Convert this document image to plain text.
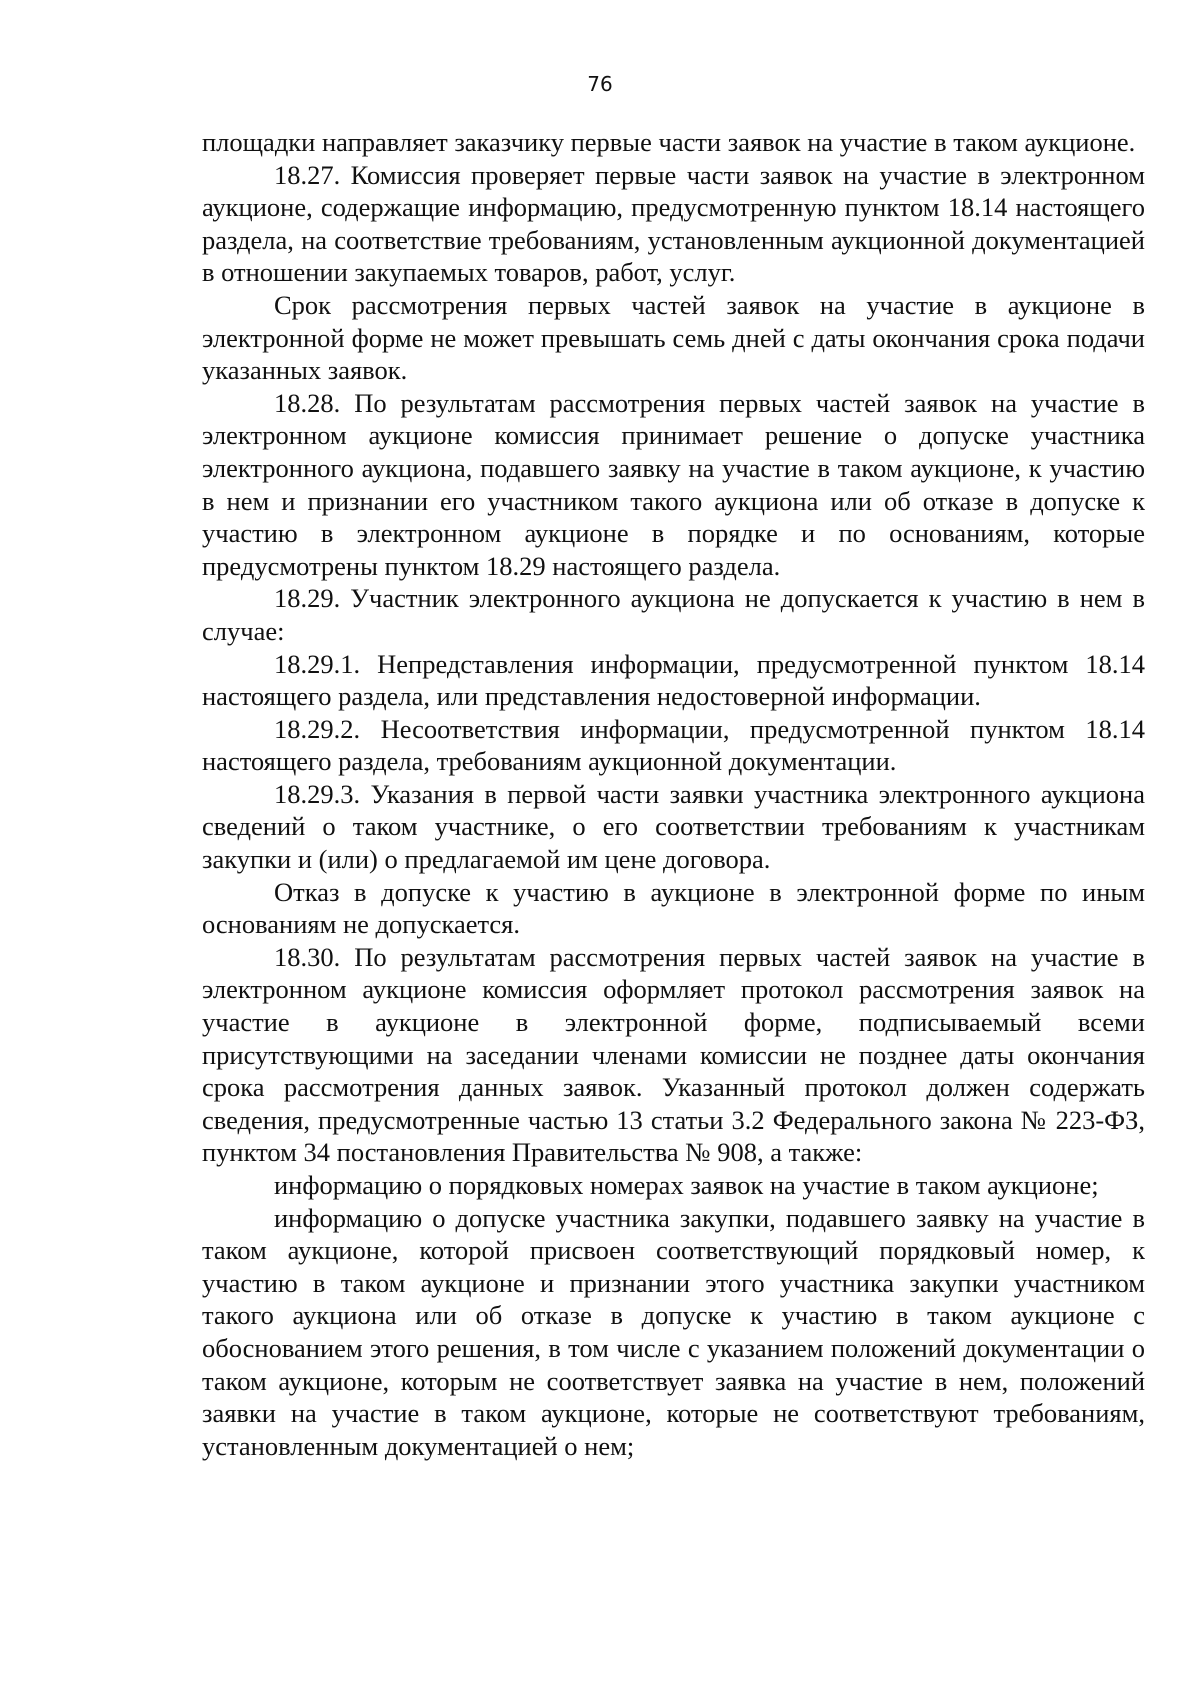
76

площадки направляет заказчику первые части заявок на участие в таком аукционе.

18.27. Комиссия проверяет первые части заявок на участие в электронном аукционе, содержащие информацию, предусмотренную пунктом 18.14 настоящего раздела, на соответствие требованиям, установленным аукционной документацией в отношении закупаемых товаров, работ, услуг.

Срок рассмотрения первых частей заявок на участие в аукционе в электронной форме не может превышать семь дней с даты окончания срока подачи указанных заявок.

18.28. По результатам рассмотрения первых частей заявок на участие в электронном аукционе комиссия принимает решение о допуске участника электронного аукциона, подавшего заявку на участие в таком аукционе, к участию в нем и признании его участником такого аукциона или об отказе в допуске к участию в электронном аукционе в порядке и по основаниям, которые предусмотрены пунктом 18.29 настоящего раздела.

18.29. Участник электронного аукциона не допускается к участию в нем в случае:

18.29.1. Непредставления информации, предусмотренной пунктом 18.14 настоящего раздела, или представления недостоверной информации.

18.29.2. Несоответствия информации, предусмотренной пунктом 18.14 настоящего раздела, требованиям аукционной документации.

18.29.3. Указания в первой части заявки участника электронного аукциона сведений о таком участнике, о его соответствии требованиям к участникам закупки и (или) о предлагаемой им цене договора.

Отказ в допуске к участию в аукционе в электронной форме по иным основаниям не допускается.

18.30. По результатам рассмотрения первых частей заявок на участие в электронном аукционе комиссия оформляет протокол рассмотрения заявок на участие в аукционе в электронной форме, подписываемый всеми присутствующими на заседании членами комиссии не позднее даты окончания срока рассмотрения данных заявок. Указанный протокол должен содержать сведения, предусмотренные частью 13 статьи 3.2 Федерального закона № 223-ФЗ, пунктом 34 постановления Правительства № 908, а также:

информацию о порядковых номерах заявок на участие в таком аукционе;

информацию о допуске участника закупки, подавшего заявку на участие в таком аукционе, которой присвоен соответствующий порядковый номер, к участию в таком аукционе и признании этого участника закупки участником такого аукциона или об отказе в допуске к участию в таком аукционе с обоснованием этого решения, в том числе с указанием положений документации о таком аукционе, которым не соответствует заявка на участие в нем, положений заявки на участие в таком аукционе, которые не соответствуют требованиям, установленным документацией о нем;
